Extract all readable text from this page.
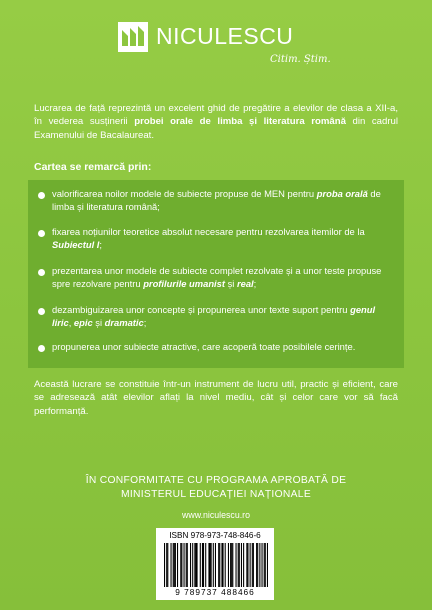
NICULESCU
Citim. Știm.
Lucrarea de față reprezintă un excelent ghid de pregătire a elevilor de clasa a XII-a, în vederea susținerii probei orale de limba și literatura română din cadrul Examenului de Bacalaureat.
Cartea se remarcă prin:
valorificarea noilor modele de subiecte propuse de MEN pentru proba orală de limba și literatura română;
fixarea noțiunilor teoretice absolut necesare pentru rezolvarea itemilor de la Subiectul I;
prezentarea unor modele de subiecte complet rezolvate și a unor teste propuse spre rezolvare pentru profilurile umanist și real;
dezambiguizarea unor concepte și propunerea unor texte suport pentru genul liric, epic și dramatic;
propunerea unor subiecte atractive, care acoperă toate posibilele cerințe.
Această lucrare se constituie într-un instrument de lucru util, practic și eficient, care se adresează atât elevilor aflați la nivel mediu, cât și celor care vor să facă performanță.
ÎN CONFORMITATE CU PROGRAMA APROBATĂ DE
MINISTERUL EDUCAȚIEI NAȚIONALE
www.niculescu.ro
ISBN 978-973-748-846-6
9 789737 488466
